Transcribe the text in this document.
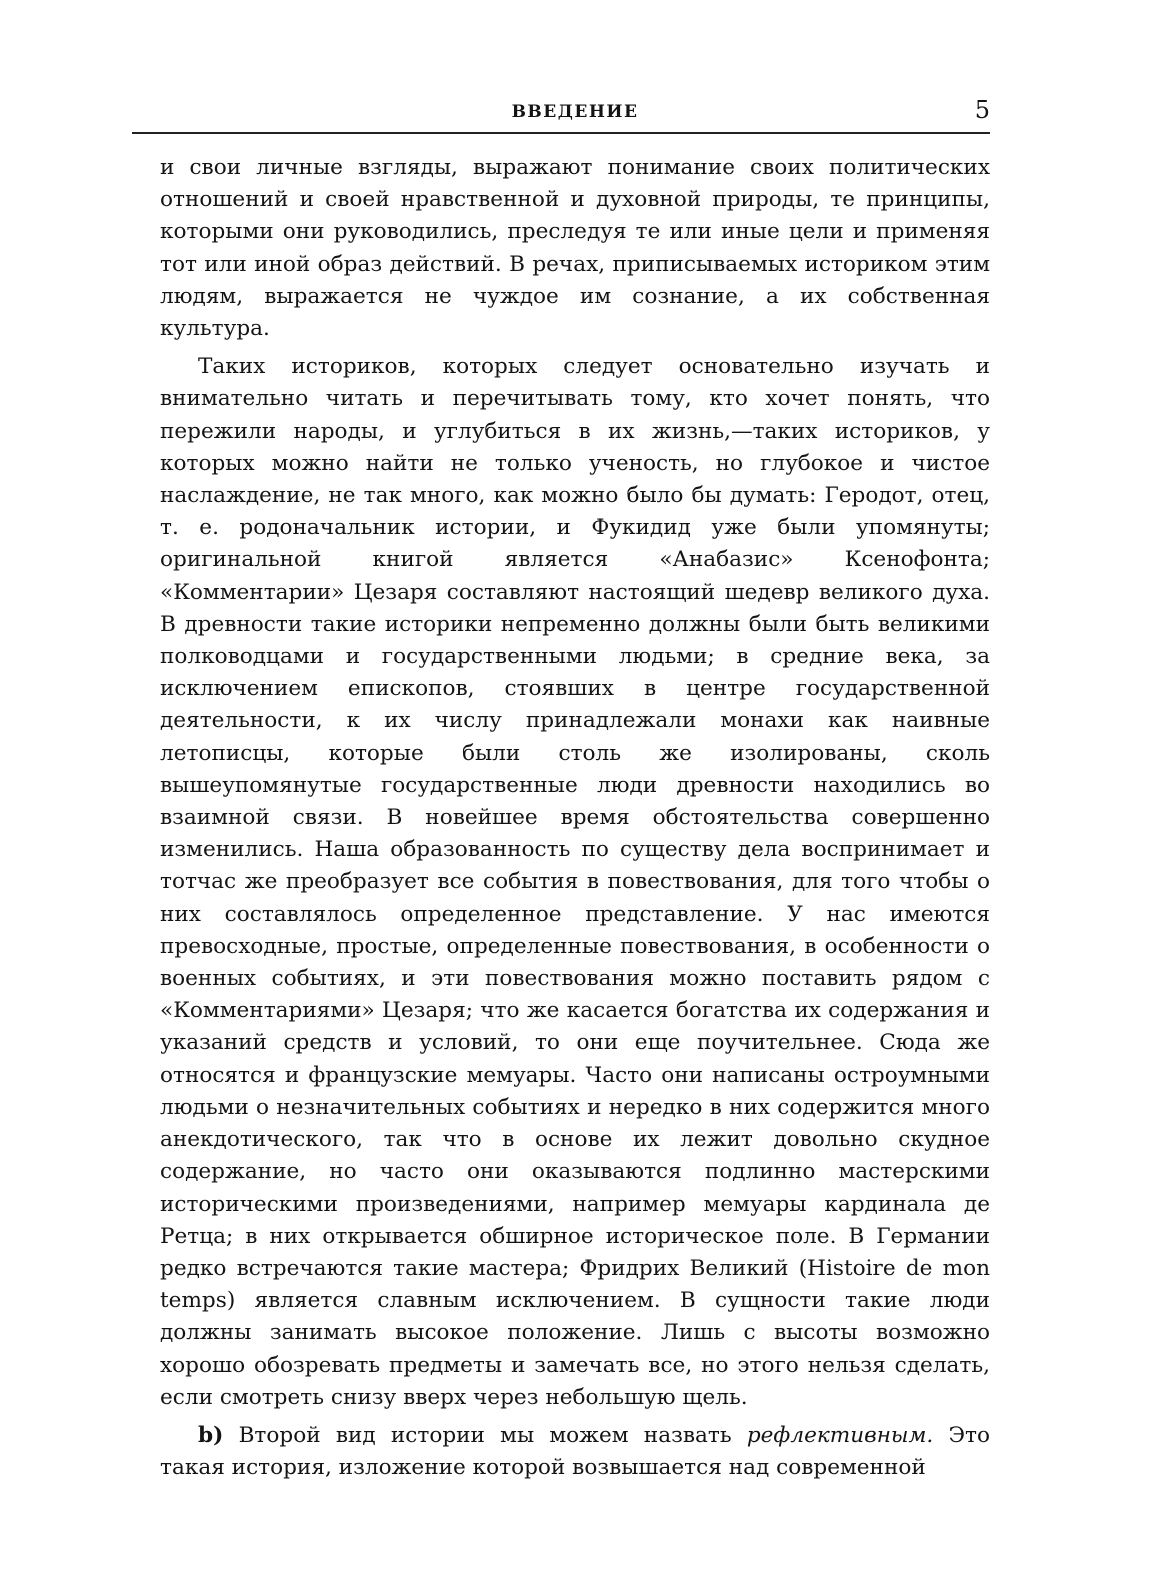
ВВЕДЕНИЕ	5

и свои личные взгляды, выражают понимание своих политических отношений и своей нравственной и духовной природы, те принципы, которыми они руководились, преследуя те или иные цели и применяя тот или иной образ действий. В речах, приписываемых историком этим людям, выражается не чуждое им сознание, а их собственная культура.

Таких историков, которых следует основательно изучать и внимательно читать и перечитывать тому, кто хочет понять, что пережили народы, и углубиться в их жизнь,—таких историков, у которых можно найти не только ученость, но глубокое и чистое наслаждение, не так много, как можно было бы думать: Геродот, отец, т. е. родоначальник истории, и Фукидид уже были упомянуты; оригинальной книгой является «Анабазис» Ксенофонта; «Комментарии» Цезаря составляют настоящий шедевр великого духа. В древности такие историки непременно должны были быть великими полководцами и государственными людьми; в средние века, за исключением епископов, стоявших в центре государственной деятельности, к их числу принадлежали монахи как наивные летописцы, которые были столь же изолированы, сколь вышеупомянутые государственные люди древности находились во взаимной связи. В новейшее время обстоятельства совершенно изменились. Наша образованность по существу дела воспринимает и тотчас же преобразует все события в повествования, для того чтобы о них составлялось определенное представление. У нас имеются превосходные, простые, определенные повествования, в особенности о военных событиях, и эти повествования можно поставить рядом с «Комментариями» Цезаря; что же касается богатства их содержания и указаний средств и условий, то они еще поучительнее. Сюда же относятся и французские мемуары. Часто они написаны остроумными людьми о незначительных событиях и нередко в них содержится много анекдотического, так что в основе их лежит довольно скудное содержание, но часто они оказываются подлинно мастерскими историческими произведениями, например мемуары кардинала де Ретца; в них открывается обширное историческое поле. В Германии редко встречаются такие мастера; Фридрих Великий (Histoire de mon temps) является славным исключением. В сущности такие люди должны занимать высокое положение. Лишь с высоты возможно хорошо обозревать предметы и замечать все, но этого нельзя сделать, если смотреть снизу вверх через небольшую щель.

b) Второй вид истории мы можем назвать рефлективным. Это такая история, изложение которой возвышается над современной
